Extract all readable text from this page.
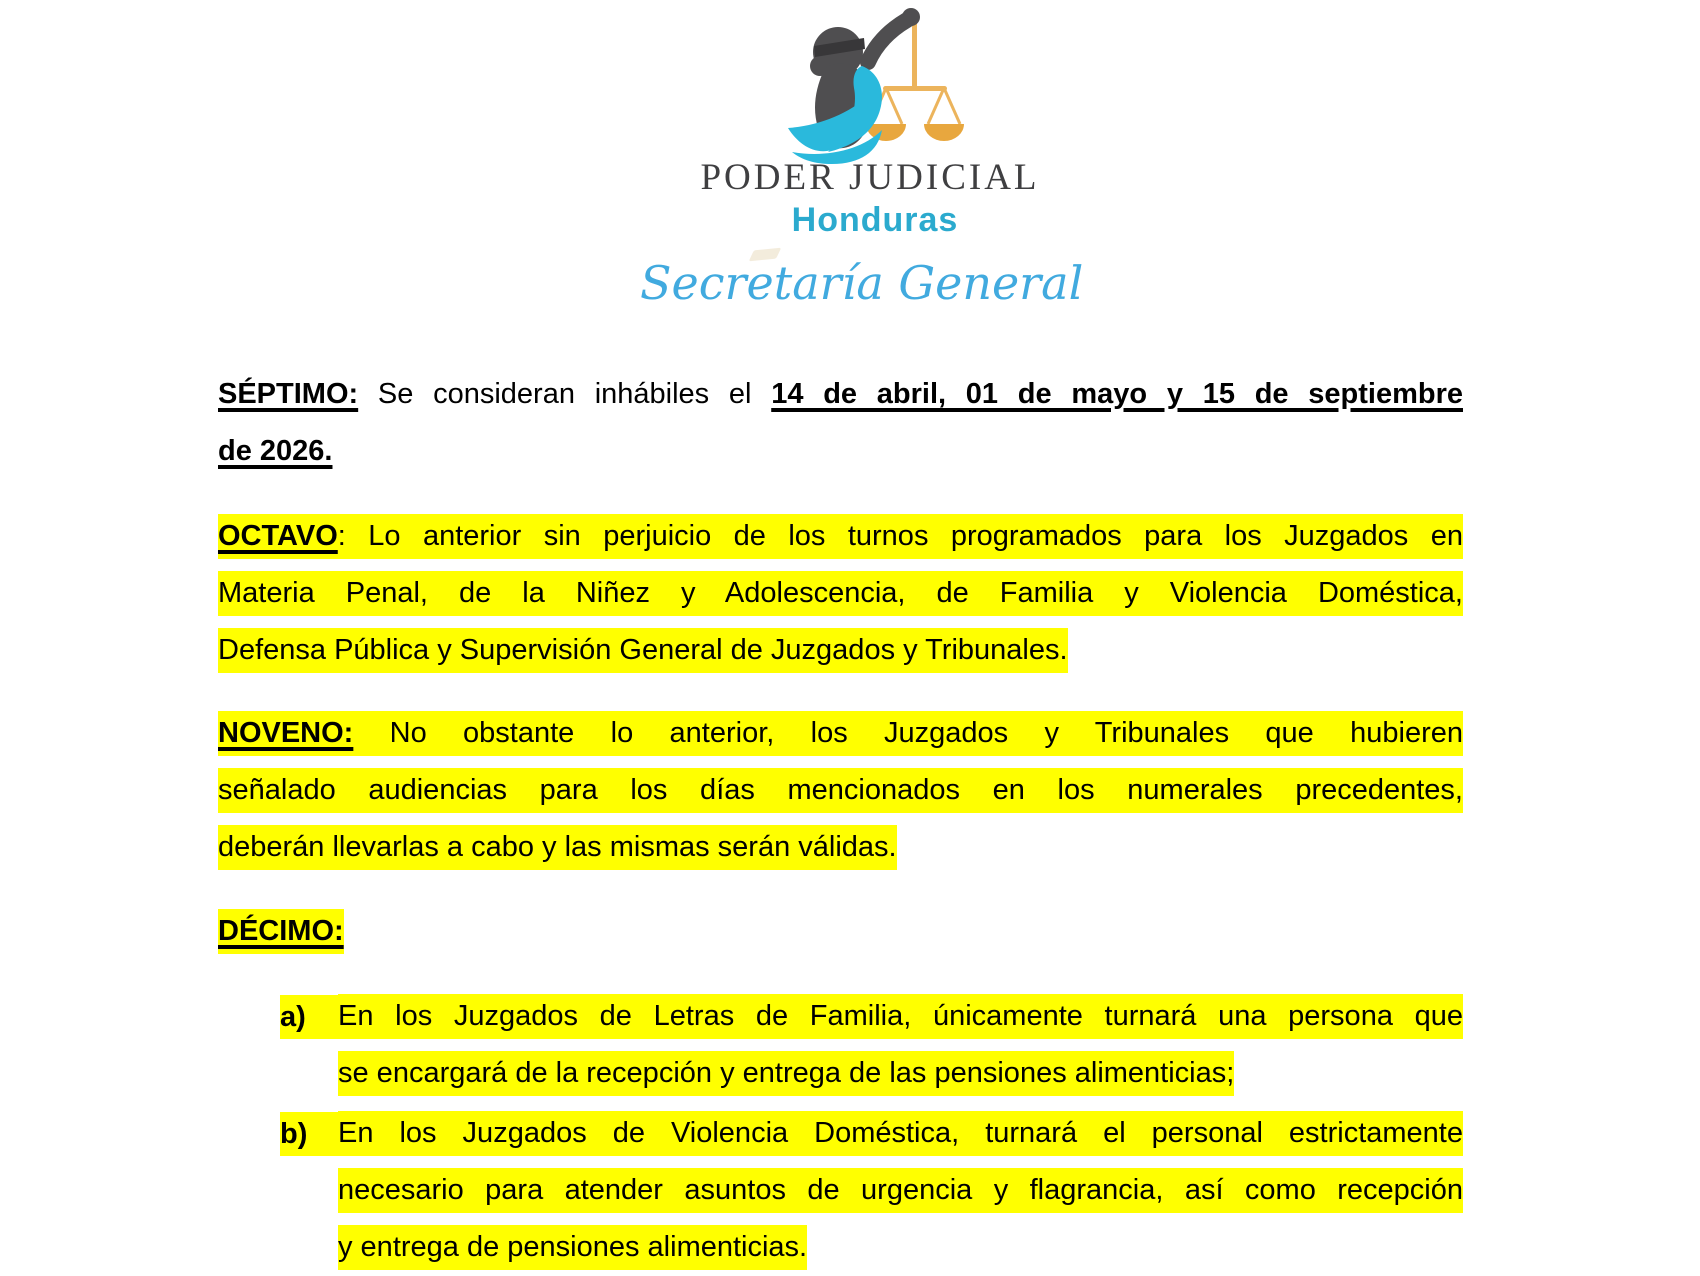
PODER JUDICIAL
Honduras
Secretaría General
SÉPTIMO: Se consideran inhábiles el 14 de abril, 01 de mayo y 15 de septiembre
de 2026.
OCTAVO: Lo anterior sin perjuicio de los turnos programados para los Juzgados en
Materia Penal, de la Niñez y Adolescencia, de Familia y Violencia Doméstica,
Defensa Pública y Supervisión General de Juzgados y Tribunales.
NOVENO: No obstante lo anterior, los Juzgados y Tribunales que hubieren
señalado audiencias para los días mencionados en los numerales precedentes,
deberán llevarlas a cabo y las mismas serán válidas.
DÉCIMO:
a)	En los Juzgados de Letras de Familia, únicamente turnará una persona que
se encargará de la recepción y entrega de las pensiones alimenticias;
b)	En los Juzgados de Violencia Doméstica, turnará el personal estrictamente
necesario para atender asuntos de urgencia y flagrancia, así como recepción
y entrega de pensiones alimenticias.
